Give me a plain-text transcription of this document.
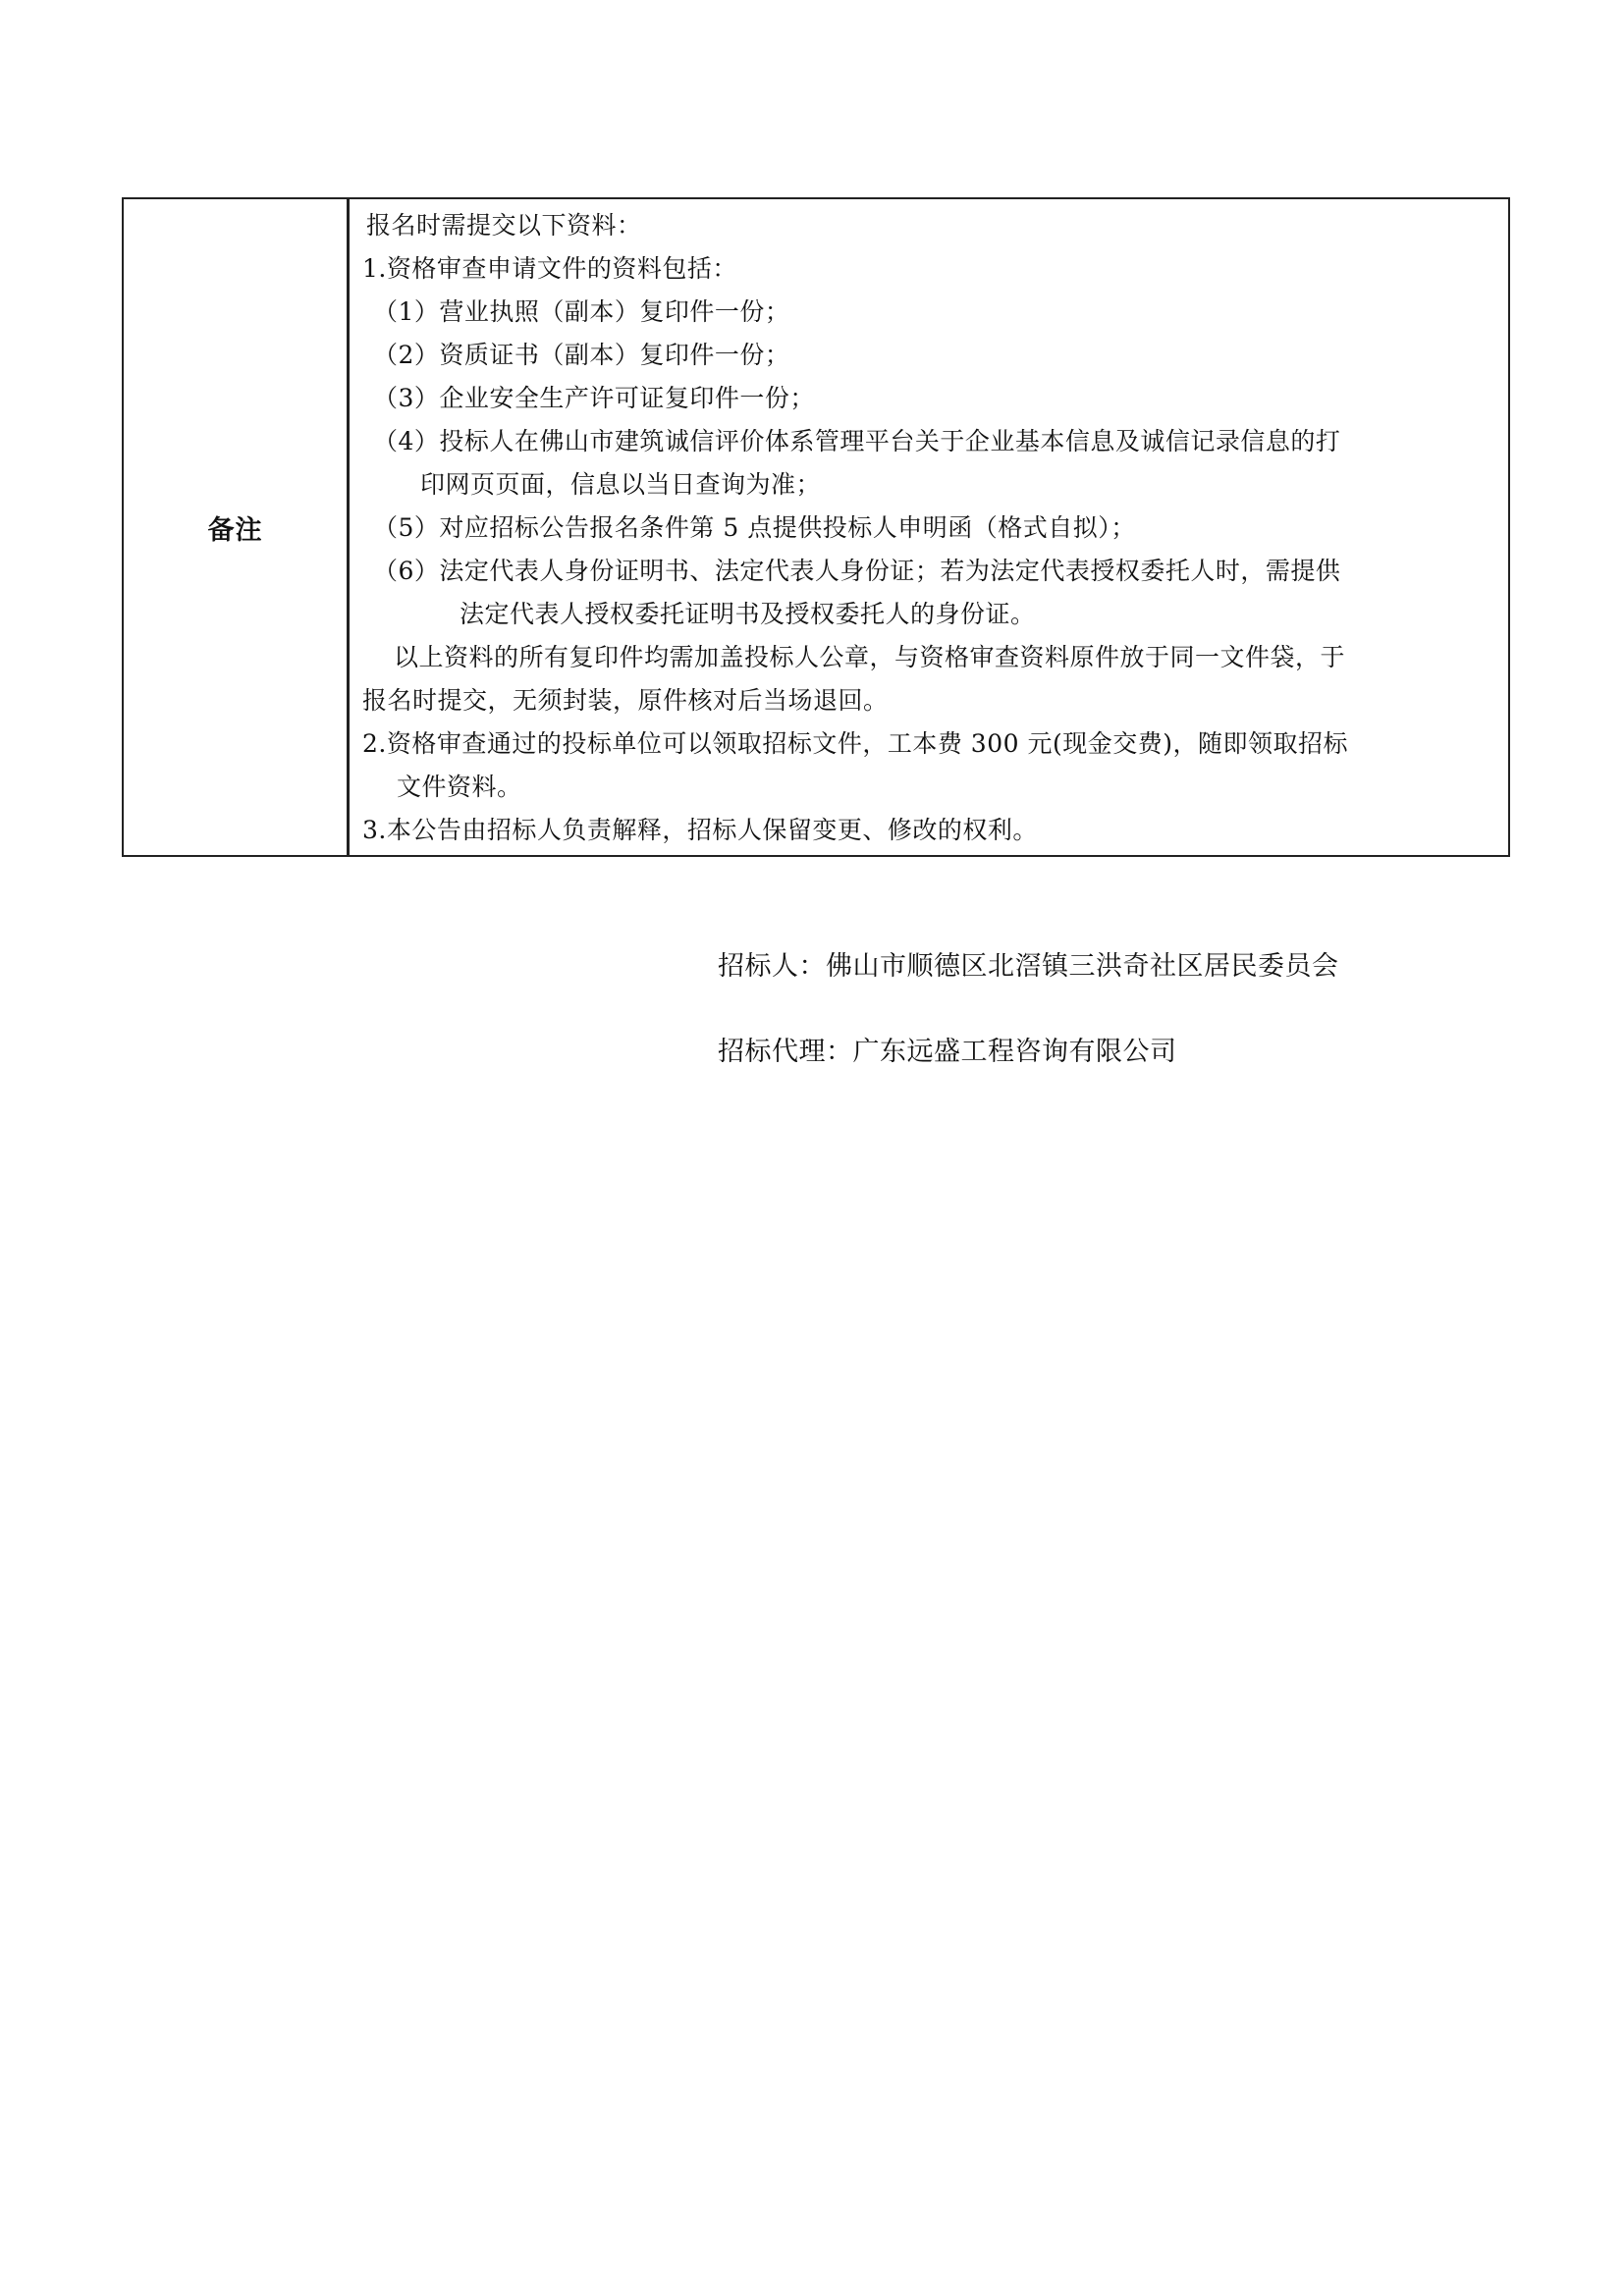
备注
报名时需提交以下资料：
1.资格审查申请文件的资料包括：
（1）营业执照（副本）复印件一份；
（2）资质证书（副本）复印件一份；
（3）企业安全生产许可证复印件一份；
（4）投标人在佛山市建筑诚信评价体系管理平台关于企业基本信息及诚信记录信息的打
印网页页面，信息以当日查询为准；
（5）对应招标公告报名条件第 5 点提供投标人申明函（格式自拟）；
（6）法定代表人身份证明书、法定代表人身份证；若为法定代表授权委托人时，需提供
法定代表人授权委托证明书及授权委托人的身份证。
以上资料的所有复印件均需加盖投标人公章，与资格审查资料原件放于同一文件袋，于
报名时提交，无须封装，原件核对后当场退回。
2.资格审查通过的投标单位可以领取招标文件，工本费 300 元(现金交费)，随即领取招标
文件资料。
3.本公告由招标人负责解释，招标人保留变更、修改的权利。
招标人：佛山市顺德区北滘镇三洪奇社区居民委员会
招标代理：广东远盛工程咨询有限公司
